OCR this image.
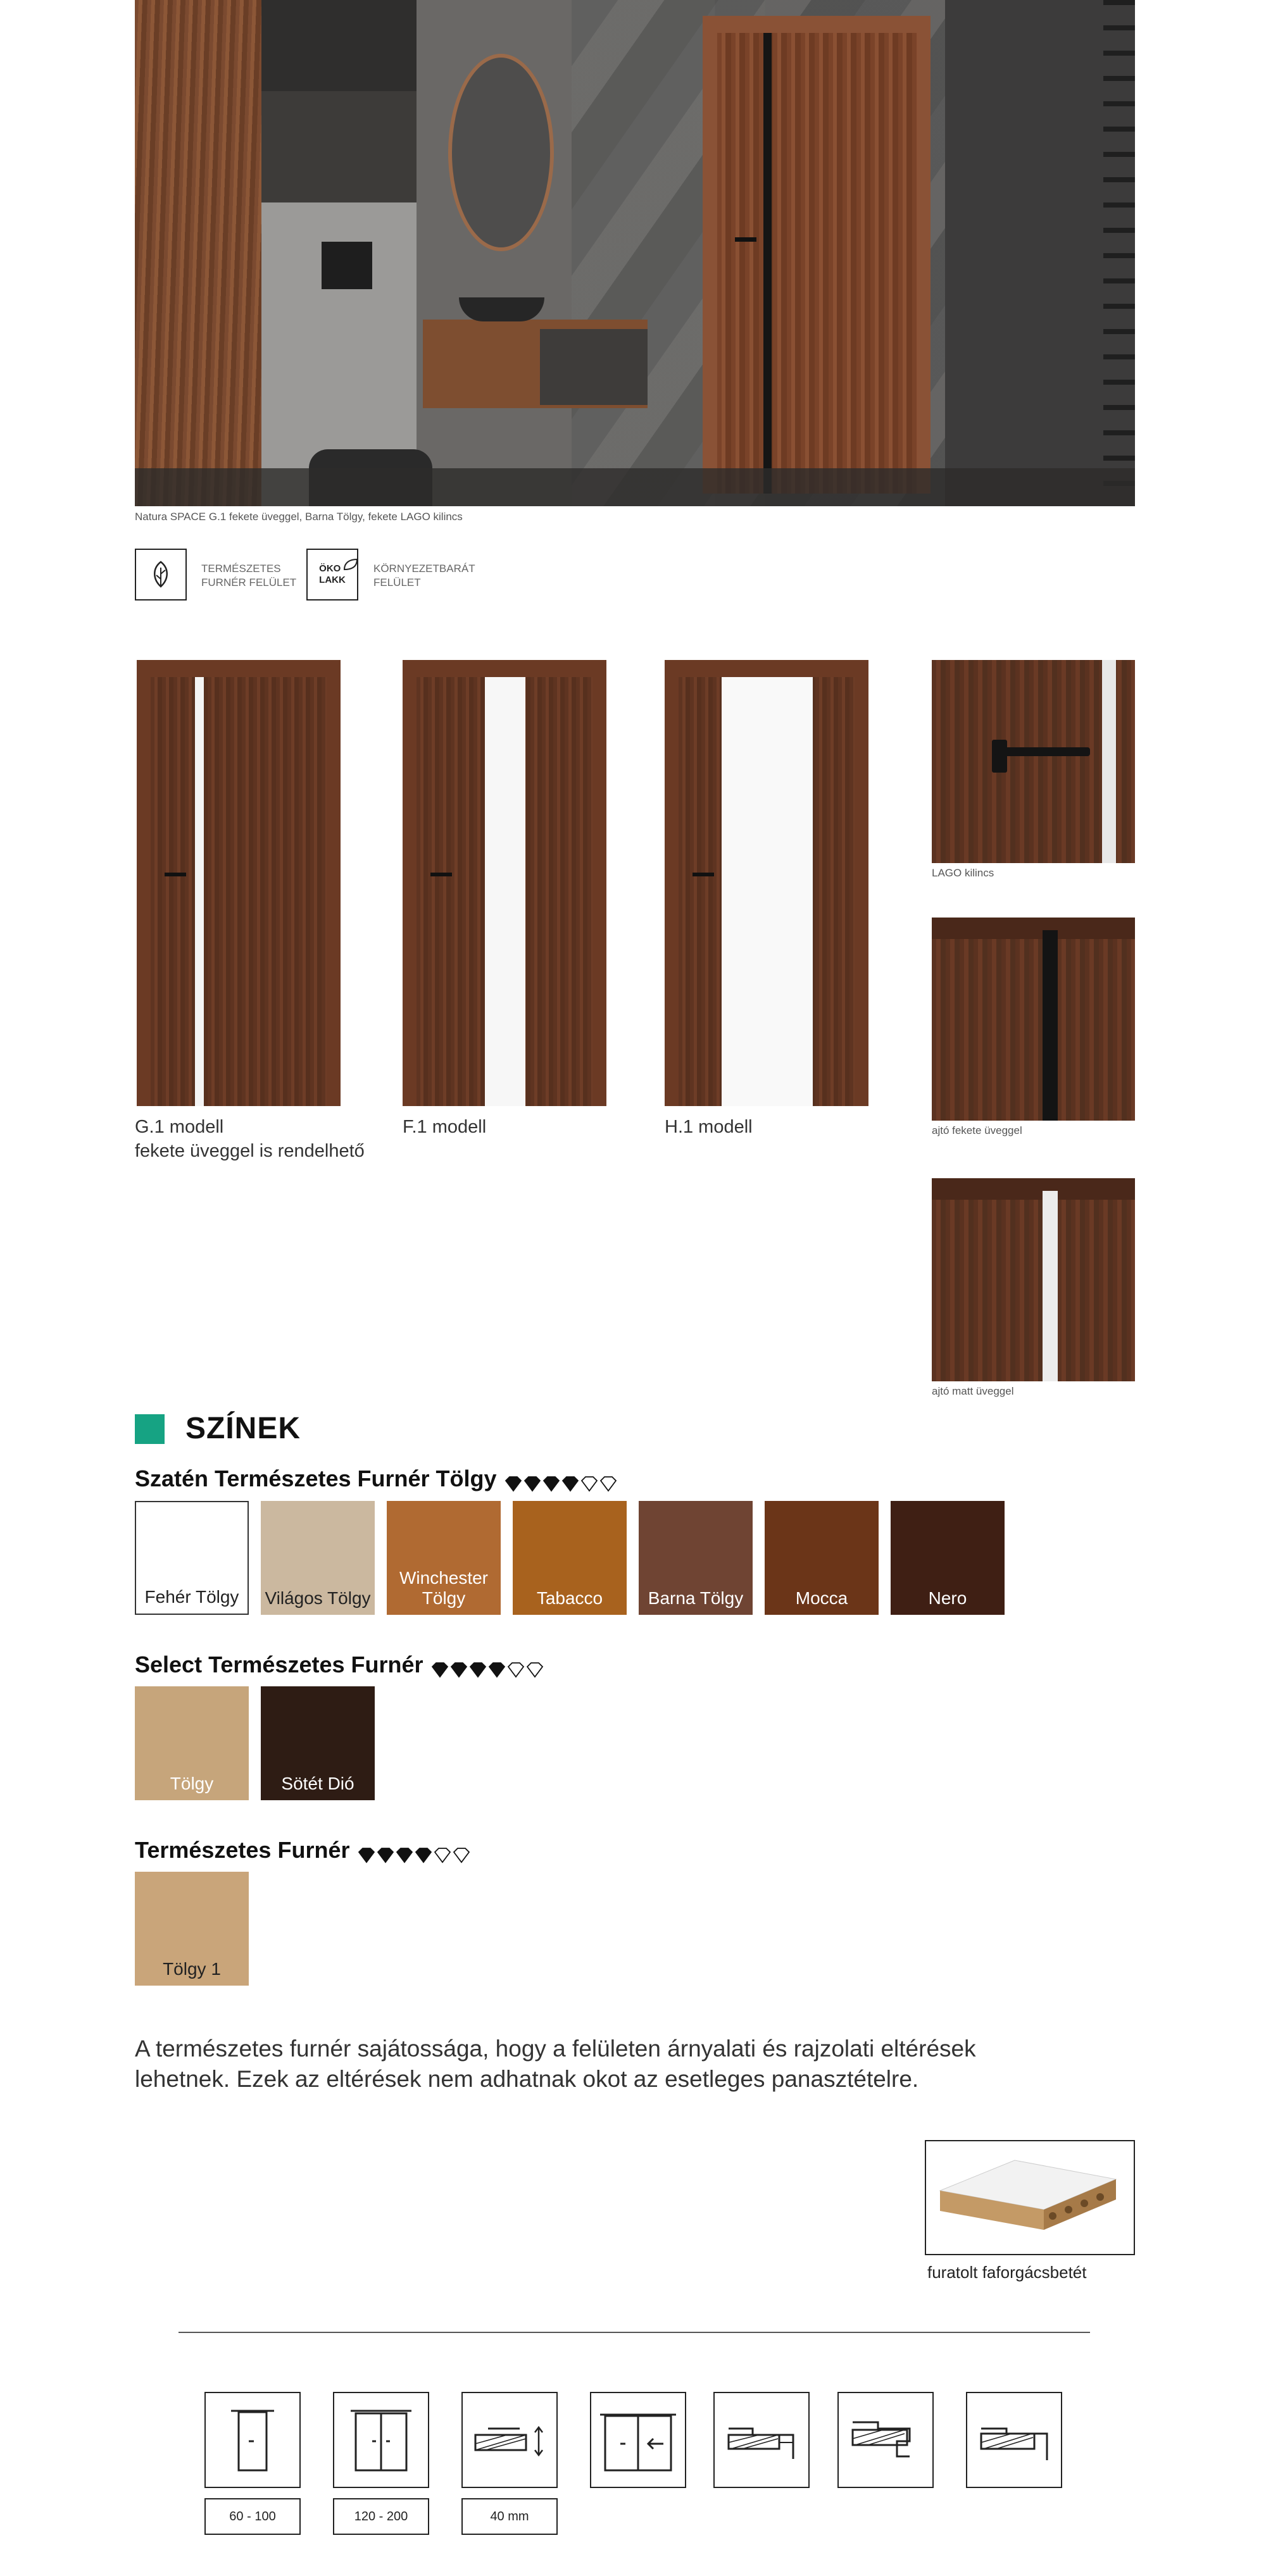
Natura SPACE G.1 fekete üveggel, Barna Tölgy, fekete LAGO kilincs
TERMÉSZETES
FURNÉR FELÜLET
ÖKO
LAKK
KÖRNYEZETBARÁT
FELÜLET
G.1 modell
fekete üveggel is rendelhető
F.1 modell	H.1 modell
LAGO kilincs
ajtó fekete üveggel
ajtó matt üveggel
SZÍNEK
Szatén Természetes Furnér Tölgy
Fehér Tölgy Világos Tölgy
Winchester Tölgy	Tabacco	Barna Tölgy	Mocca	Nero
Select Természetes Furnér
Tölgy	Sötét Dió
Természetes Furnér
Tölgy 1
A természetes furnér sajátossága, hogy a felületen árnyalati és rajzolati eltérések lehetnek. Ezek az eltérések nem adhatnak okot az esetleges panasztételre.
furatolt faforgácsbetét
60 - 100	120 - 200	40 mm
